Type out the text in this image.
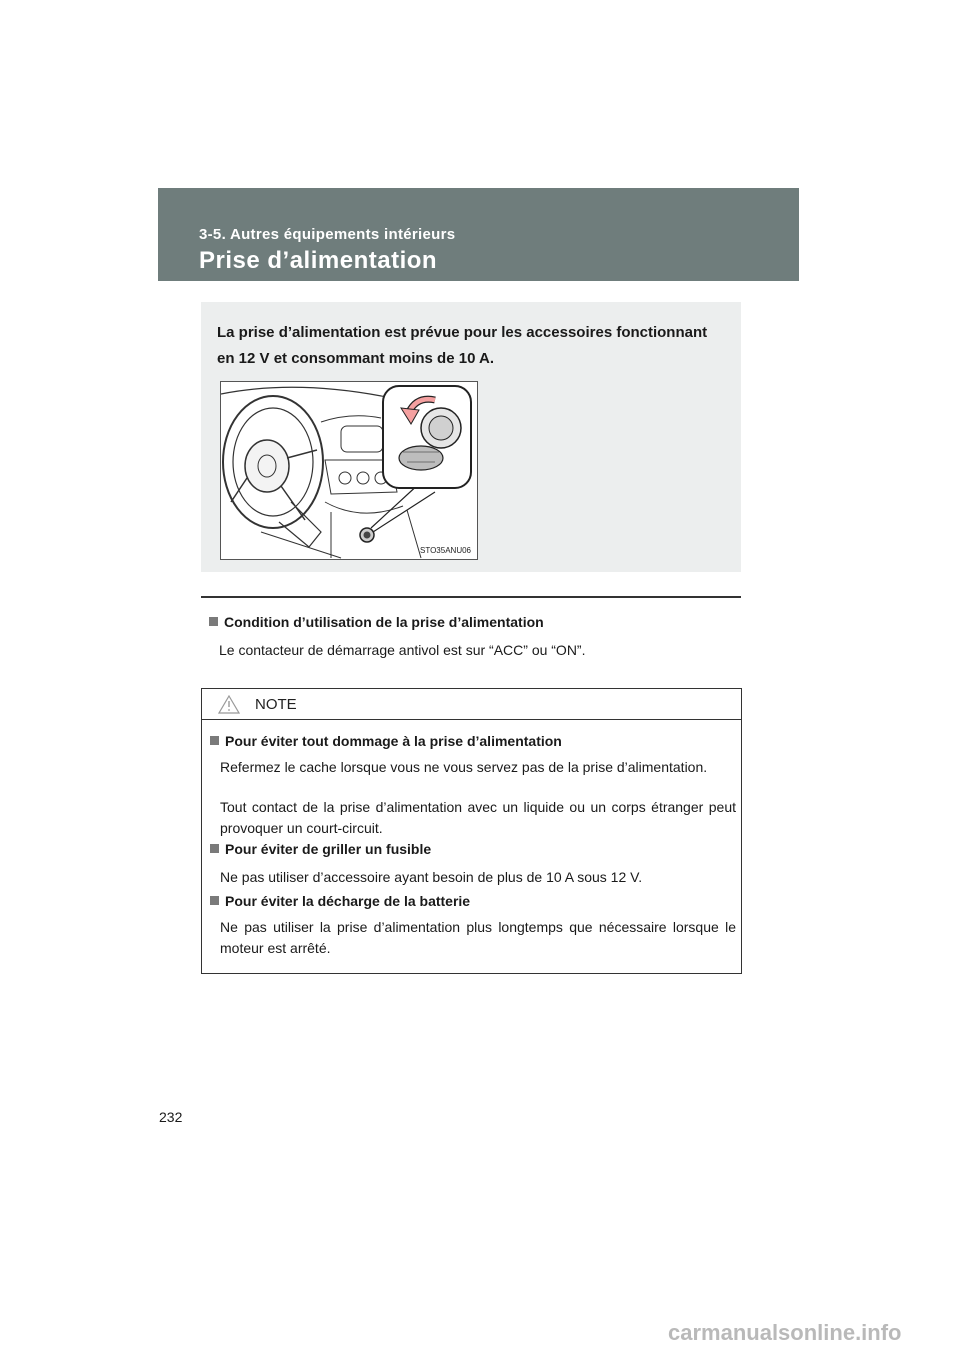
3-5. Autres équipements intérieurs
Prise d’alimentation
La prise d’alimentation est prévue pour les accessoires fonctionnant en 12 V et consommant moins de 10 A.
STO35ANU06
Condition d’utilisation de la prise d’alimentation
Le contacteur de démarrage antivol est sur “ACC” ou “ON”.
NOTE
Pour éviter tout dommage à la prise d’alimentation
Refermez le cache lorsque vous ne vous servez pas de la prise d’alimentation.
Tout contact de la prise d’alimentation avec un liquide ou un corps étranger peut provoquer un court-circuit.
Pour éviter de griller un fusible
Ne pas utiliser d’accessoire ayant besoin de plus de 10 A sous 12 V.
Pour éviter la décharge de la batterie
Ne pas utiliser la prise d’alimentation plus longtemps que nécessaire lorsque le moteur est arrêté.
232
carmanualsonline.info
